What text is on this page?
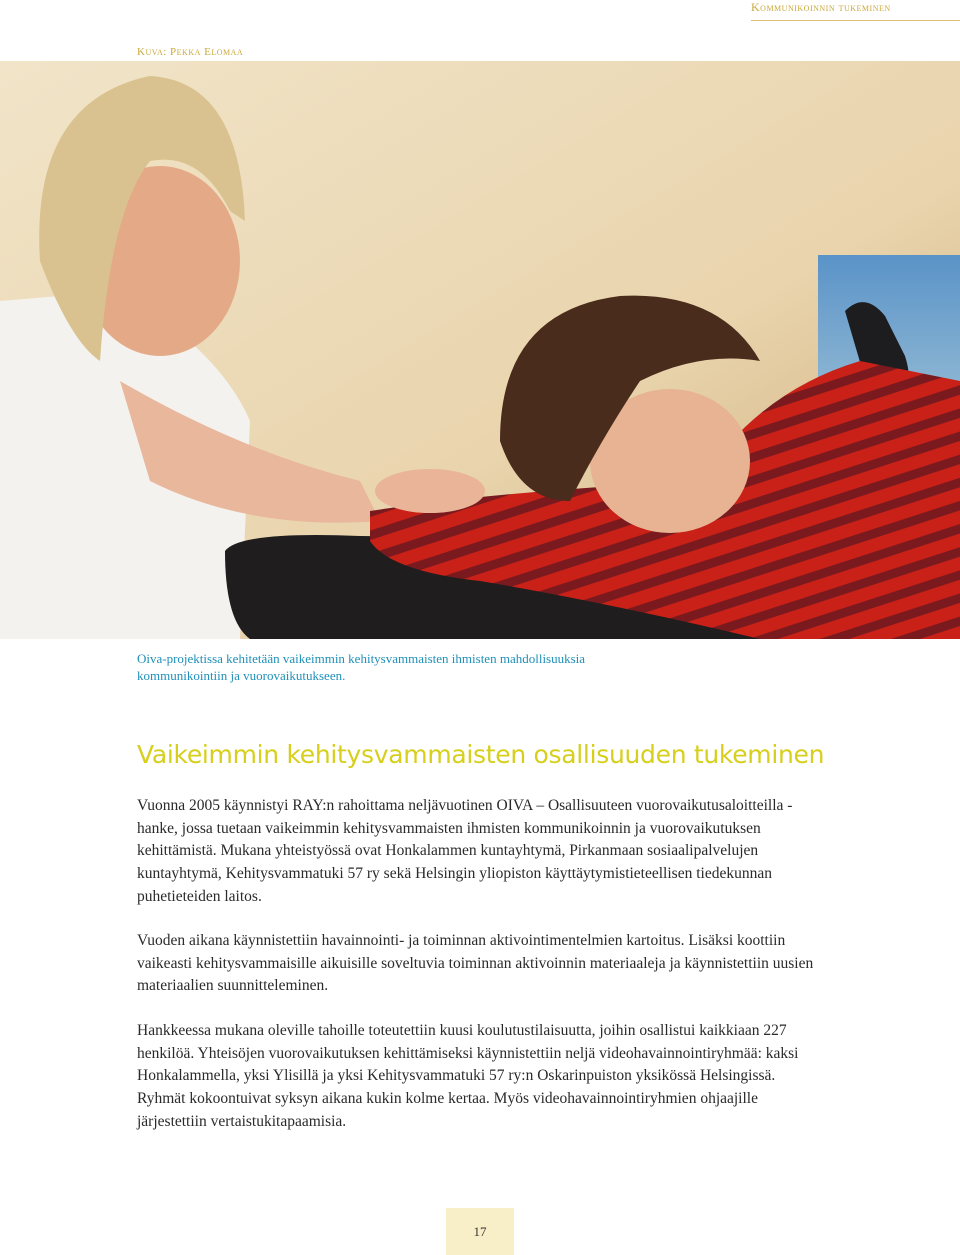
Kommunikoinnin tukeminen
Kuva: Pekka Elomaa
Oiva-projektissa kehitetään vaikeimmin kehitysvammaisten ihmisten mahdollisuuksia kommunikointiin ja vuorovaikutukseen.
Vaikeimmin kehitysvammaisten osallisuuden tukeminen

Vuonna 2005 käynnistyi RAY:n rahoittama neljävuotinen OIVA – Osallisuuteen vuorovaikutusaloitteilla -hanke, jossa tuetaan vaikeimmin kehitysvammaisten ihmisten kommunikoinnin ja vuorovaikutuksen kehittämistä. Mukana yhteistyössä ovat Honkalammen kuntayhtymä, Pirkanmaan sosiaalipalvelujen kuntayhtymä, Kehitysvammatuki 57 ry sekä Helsingin yliopiston käyttäytymistieteellisen tiedekunnan puhetieteiden laitos.

Vuoden aikana käynnistettiin havainnointi- ja toiminnan aktivointimentelmien kartoitus. Lisäksi koottiin vaikeasti kehitysvammaisille aikuisille soveltuvia toiminnan aktivoinnin materiaaleja ja käynnistettiin uusien materiaalien suunnitteleminen.

Hankkeessa mukana oleville tahoille toteutettiin kuusi koulutustilaisuutta, joihin osallistui kaikkiaan 227 henkilöä. Yhteisöjen vuorovaikutuksen kehittämiseksi käynnistettiin neljä videohavainnointiryhmää: kaksi Honkalammella, yksi Ylisillä ja yksi Kehitysvammatuki 57 ry:n Oskarinpuiston yksikössä Helsingissä. Ryhmät kokoontuivat syksyn aikana kukin kolme kertaa. Myös videohavainnointiryhmien ohjaajille järjestettiin vertaistukitapaamisia.

17
